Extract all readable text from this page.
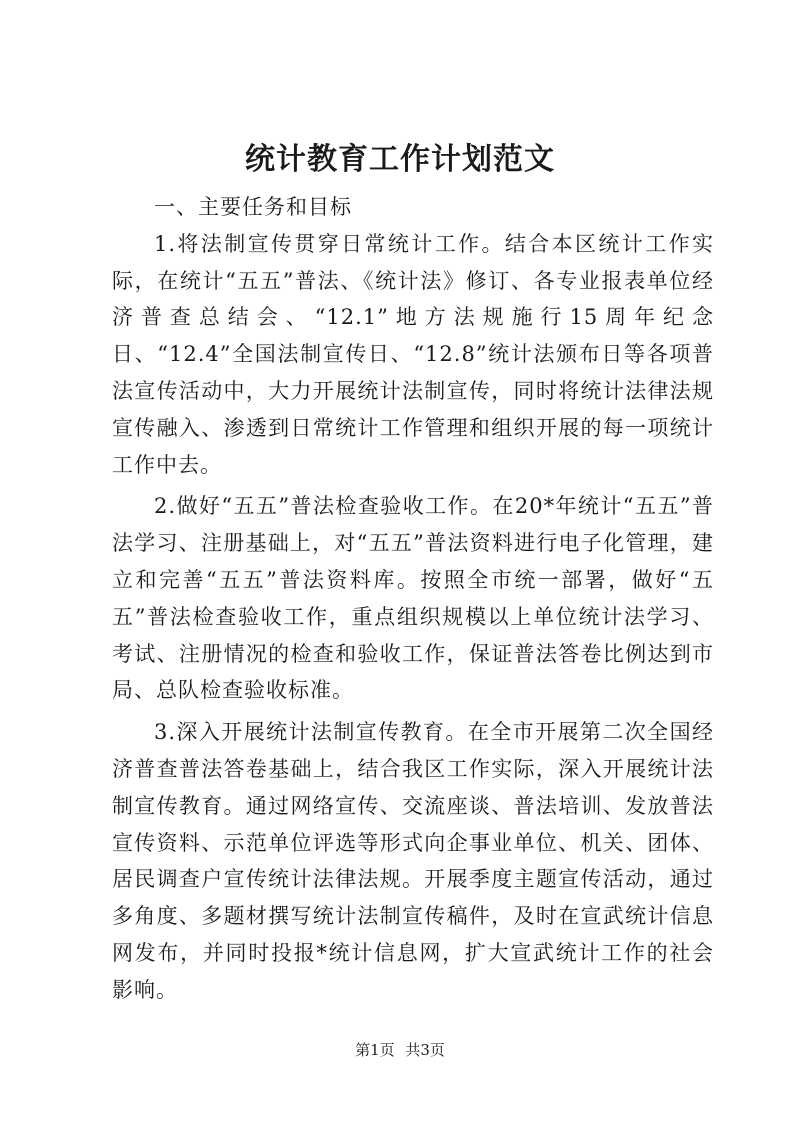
统计教育工作计划范文

一、主要任务和目标

1.将法制宣传贯穿日常统计工作。结合本区统计工作实际，在统计“五五”普法、《统计法》修订、各专业报表单位经济普查总结会、“12.1”地方法规施行15周年纪念日、“12.4”全国法制宣传日、“12.8”统计法颁布日等各项普法宣传活动中，大力开展统计法制宣传，同时将统计法律法规宣传融入、渗透到日常统计工作管理和组织开展的每一项统计工作中去。

2.做好“五五”普法检查验收工作。在20*年统计“五五”普法学习、注册基础上，对“五五”普法资料进行电子化管理，建立和完善“五五”普法资料库。按照全市统一部署，做好“五五”普法检查验收工作，重点组织规模以上单位统计法学习、考试、注册情况的检查和验收工作，保证普法答卷比例达到市局、总队检查验收标准。

3.深入开展统计法制宣传教育。在全市开展第二次全国经济普查普法答卷基础上，结合我区工作实际，深入开展统计法制宣传教育。通过网络宣传、交流座谈、普法培训、发放普法宣传资料、示范单位评选等形式向企事业单位、机关、团体、居民调查户宣传统计法律法规。开展季度主题宣传活动，通过多角度、多题材撰写统计法制宣传稿件，及时在宣武统计信息网发布，并同时投报*统计信息网，扩大宣武统计工作的社会影响。

第1页 共3页
